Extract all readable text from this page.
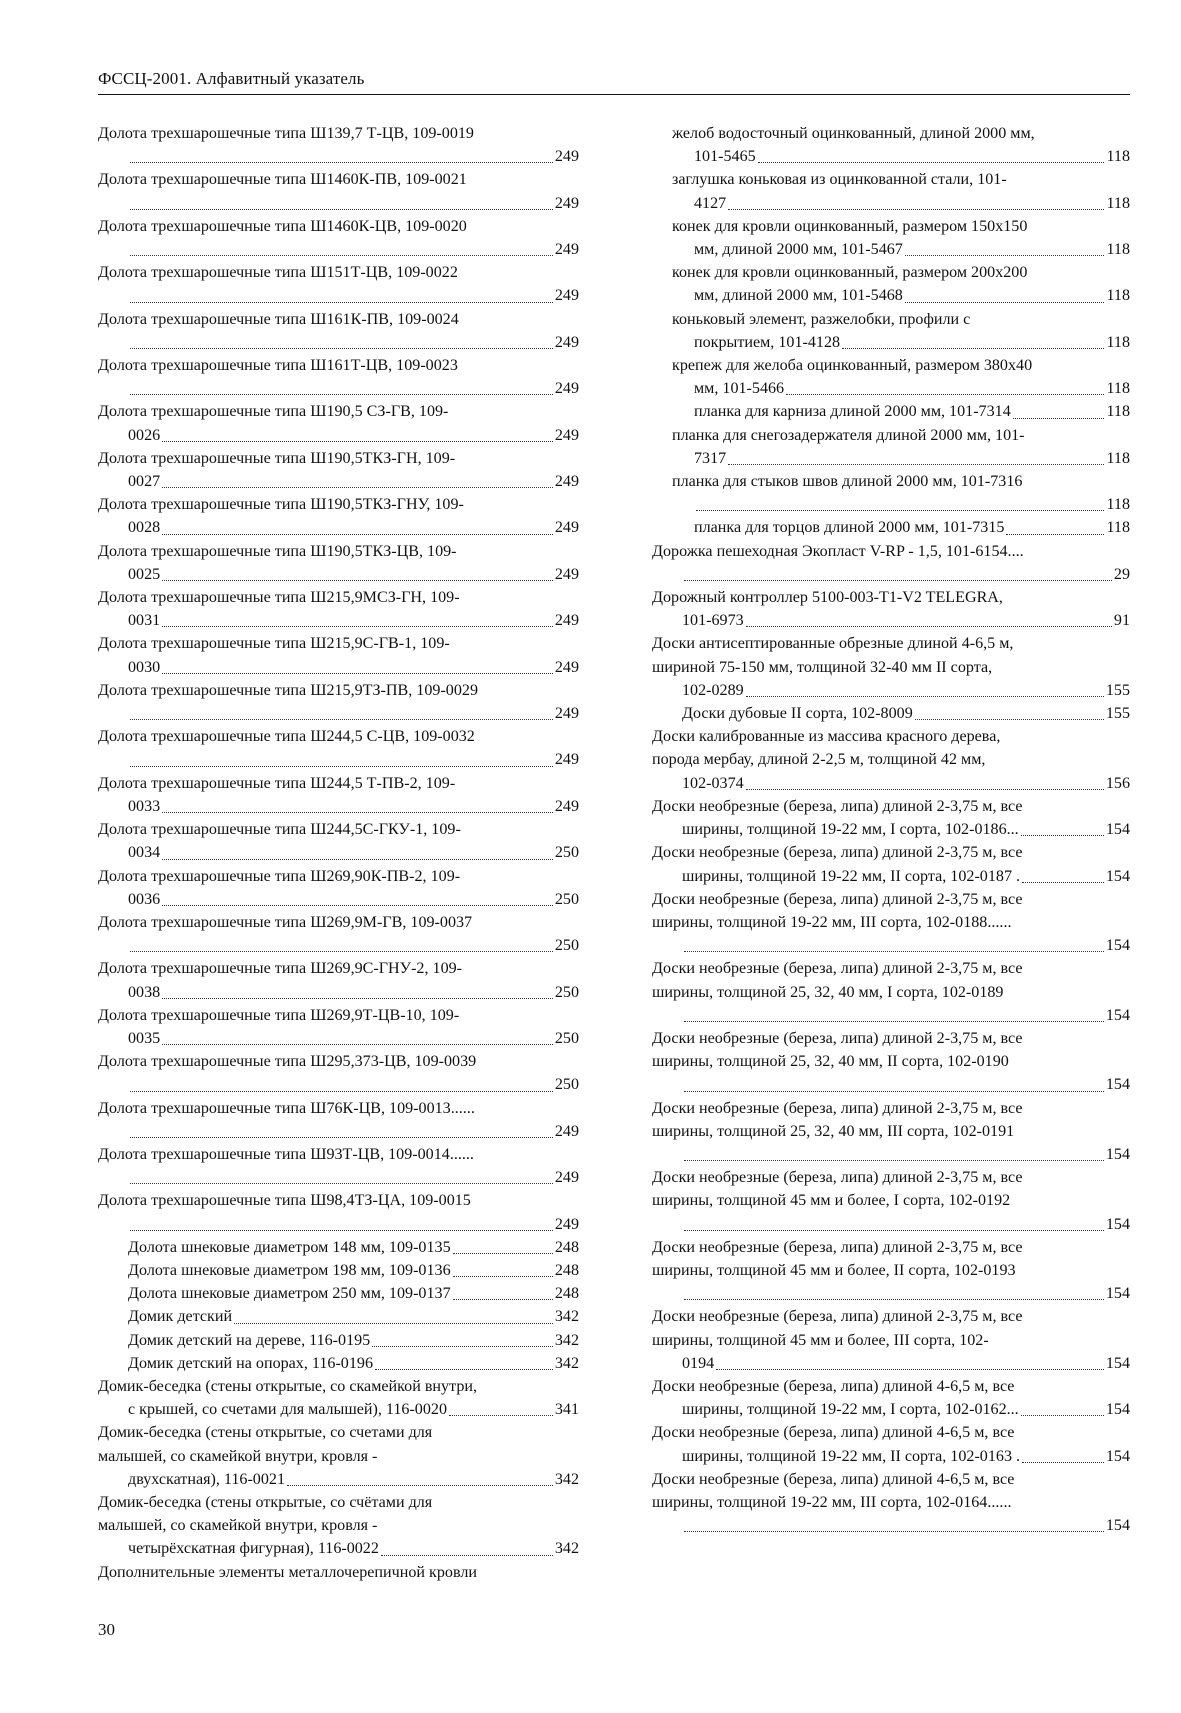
ФССЦ-2001. Алфавитный указатель
Долота трехшарошечные типа Ш139,7 Т-ЦВ, 109-0019
249
Долота трехшарошечные типа Ш1460К-ПВ, 109-0021
249
Долота трехшарошечные типа Ш1460К-ЦВ, 109-0020
249
Долота трехшарошечные типа Ш151Т-ЦВ, 109-0022
249
Долота трехшарошечные типа Ш161К-ПВ, 109-0024
249
Долота трехшарошечные типа Ш161Т-ЦВ, 109-0023
249
Долота трехшарошечные типа Ш190,5 СЗ-ГВ, 109-
0026	249
Долота трехшарошечные типа Ш190,5ТКЗ-ГН, 109-
0027	249
Долота трехшарошечные типа Ш190,5ТКЗ-ГНУ, 109-
0028	249
Долота трехшарошечные типа Ш190,5ТКЗ-ЦВ, 109-
0025	249
Долота трехшарошечные типа Ш215,9МСЗ-ГН, 109-
0031	249
Долота трехшарошечные типа Ш215,9С-ГВ-1, 109-
0030	249
Долота трехшарошечные типа Ш215,9ТЗ-ПВ, 109-0029
249
Долота трехшарошечные типа Ш244,5 С-ЦВ, 109-0032
249
Долота трехшарошечные типа Ш244,5 Т-ПВ-2, 109-
0033	249
Долота трехшарошечные типа Ш244,5С-ГКУ-1, 109-
0034	250
Долота трехшарошечные типа Ш269,90К-ПВ-2, 109-
0036	250
Долота трехшарошечные типа Ш269,9М-ГВ, 109-0037
250
Долота трехшарошечные типа Ш269,9С-ГНУ-2, 109-
0038	250
Долота трехшарошечные типа Ш269,9Т-ЦВ-10, 109-
0035	250
Долота трехшарошечные типа Ш295,373-ЦВ, 109-0039
250
Долота трехшарошечные типа Ш76К-ЦВ, 109-0013......
249
Долота трехшарошечные типа Ш93Т-ЦВ, 109-0014......
249
Долота трехшарошечные типа Ш98,4ТЗ-ЦА, 109-0015
249
Долота шнековые диаметром 148 мм, 109-0135	248
Долота шнековые диаметром 198 мм, 109-0136	248
Долота шнековые диаметром 250 мм, 109-0137	248
Домик детский	342
Домик детский на дереве, 116-0195	342
Домик детский на опорах, 116-0196	342
Домик-беседка (стены открытые, со скамейкой внутри,
с крышей, со счетами для малышей), 116-0020	341
Домик-беседка (стены открытые, со счетами для
малышей, со скамейкой внутри, кровля -
двухскатная), 116-0021	342
Домик-беседка (стены открытые, со счётами для
малышей, со скамейкой внутри, кровля -
четырёхскатная фигурная), 116-0022	342
Дополнительные элементы металлочерепичной кровли
желоб водосточный оцинкованный, длиной 2000 мм,
101-5465	118
заглушка коньковая из оцинкованной стали, 101-
4127	118
конек для кровли оцинкованный, размером 150х150
мм, длиной 2000 мм, 101-5467	118
конек для кровли оцинкованный, размером 200х200
мм, длиной 2000 мм, 101-5468	118
коньковый элемент, разжелобки, профили с
покрытием, 101-4128	118
крепеж для желоба оцинкованный, размером 380х40
мм, 101-5466	118
планка для карниза длиной 2000 мм, 101-7314	118
планка для снегозадержателя длиной 2000 мм, 101-
7317	118
планка для стыков швов длиной 2000 мм, 101-7316
118
планка для торцов длиной 2000 мм, 101-7315	118
Дорожка пешеходная Экопласт V-RP - 1,5, 101-6154....
29
Дорожный контроллер 5100-003-T1-V2 TELEGRA,
101-6973	91
Доски антисептированные обрезные длиной 4-6,5 м,
шириной 75-150 мм, толщиной 32-40 мм II сорта,
102-0289	155
Доски дубовые II сорта, 102-8009	155
Доски калиброванные из массива красного дерева,
порода мербау, длиной 2-2,5 м, толщиной 42 мм,
102-0374	156
Доски необрезные (береза, липа) длиной 2-3,75 м, все
ширины, толщиной 19-22 мм, I сорта, 102-0186...	154
Доски необрезные (береза, липа) длиной 2-3,75 м, все
ширины, толщиной 19-22 мм, II сорта, 102-0187 .	154
Доски необрезные (береза, липа) длиной 2-3,75 м, все
ширины, толщиной 19-22 мм, III сорта, 102-0188......
154
Доски необрезные (береза, липа) длиной 2-3,75 м, все
ширины, толщиной 25, 32, 40 мм, I сорта, 102-0189
154
Доски необрезные (береза, липа) длиной 2-3,75 м, все
ширины, толщиной 25, 32, 40 мм, II сорта, 102-0190
154
Доски необрезные (береза, липа) длиной 2-3,75 м, все
ширины, толщиной 25, 32, 40 мм, III сорта, 102-0191
154
Доски необрезные (береза, липа) длиной 2-3,75 м, все
ширины, толщиной 45 мм и более, I сорта, 102-0192
154
Доски необрезные (береза, липа) длиной 2-3,75 м, все
ширины, толщиной 45 мм и более, II сорта, 102-0193
154
Доски необрезные (береза, липа) длиной 2-3,75 м, все
ширины, толщиной 45 мм и более, III сорта, 102-
0194	154
Доски необрезные (береза, липа) длиной 4-6,5 м, все
ширины, толщиной 19-22 мм, I сорта, 102-0162...	154
Доски необрезные (береза, липа) длиной 4-6,5 м, все
ширины, толщиной 19-22 мм, II сорта, 102-0163 .	154
Доски необрезные (береза, липа) длиной 4-6,5 м, все
ширины, толщиной 19-22 мм, III сорта, 102-0164......
154
30
